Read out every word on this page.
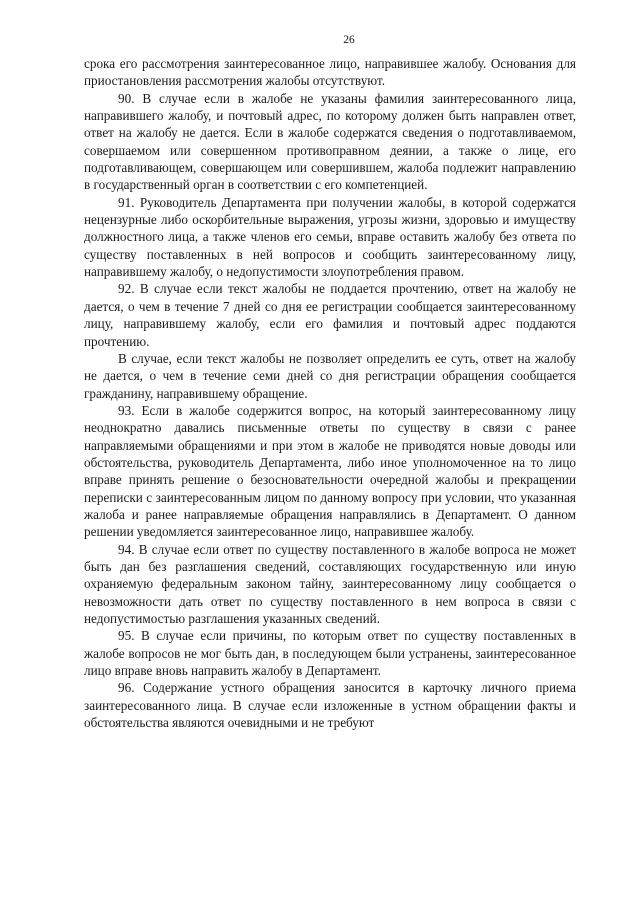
26

срока его рассмотрения заинтересованное лицо, направившее жалобу. Основания для приостановления рассмотрения жалобы отсутствуют.

90. В случае если в жалобе не указаны фамилия заинтересованного лица, направившего жалобу, и почтовый адрес, по которому должен быть направлен ответ, ответ на жалобу не дается. Если в жалобе содержатся сведения о подготавливаемом, совершаемом или совершенном противоправном деянии, а также о лице, его подготавливающем, совершающем или совершившем, жалоба подлежит направлению в государственный орган в соответствии с его компетенцией.

91. Руководитель Департамента при получении жалобы, в которой содержатся нецензурные либо оскорбительные выражения, угрозы жизни, здоровью и имуществу должностного лица, а также членов его семьи, вправе оставить жалобу без ответа по существу поставленных в ней вопросов и сообщить заинтересованному лицу, направившему жалобу, о недопустимости злоупотребления правом.

92. В случае если текст жалобы не поддается прочтению, ответ на жалобу не дается, о чем в течение 7 дней со дня ее регистрации сообщается заинтересованному лицу, направившему жалобу, если его фамилия и почтовый адрес поддаются прочтению.

В случае, если текст жалобы не позволяет определить ее суть, ответ на жалобу не дается, о чем в течение семи дней со дня регистрации обращения сообщается гражданину, направившему обращение.

93. Если в жалобе содержится вопрос, на который заинтересованному лицу неоднократно давались письменные ответы по существу в связи с ранее направляемыми обращениями и при этом в жалобе не приводятся новые доводы или обстоятельства, руководитель Департамента, либо иное уполномоченное на то лицо вправе принять решение о безосновательности очередной жалобы и прекращении переписки с заинтересованным лицом по данному вопросу при условии, что указанная жалоба и ранее направляемые обращения направлялись в Департамент. О данном решении уведомляется заинтересованное лицо, направившее жалобу.

94. В случае если ответ по существу поставленного в жалобе вопроса не может быть дан без разглашения сведений, составляющих государственную или иную охраняемую федеральным законом тайну, заинтересованному лицу сообщается о невозможности дать ответ по существу поставленного в нем вопроса в связи с недопустимостью разглашения указанных сведений.

95. В случае если причины, по которым ответ по существу поставленных в жалобе вопросов не мог быть дан, в последующем были устранены, заинтересованное лицо вправе вновь направить жалобу в Департамент.

96. Содержание устного обращения заносится в карточку личного приема заинтересованного лица. В случае если изложенные в устном обращении факты и обстоятельства являются очевидными и не требуют
